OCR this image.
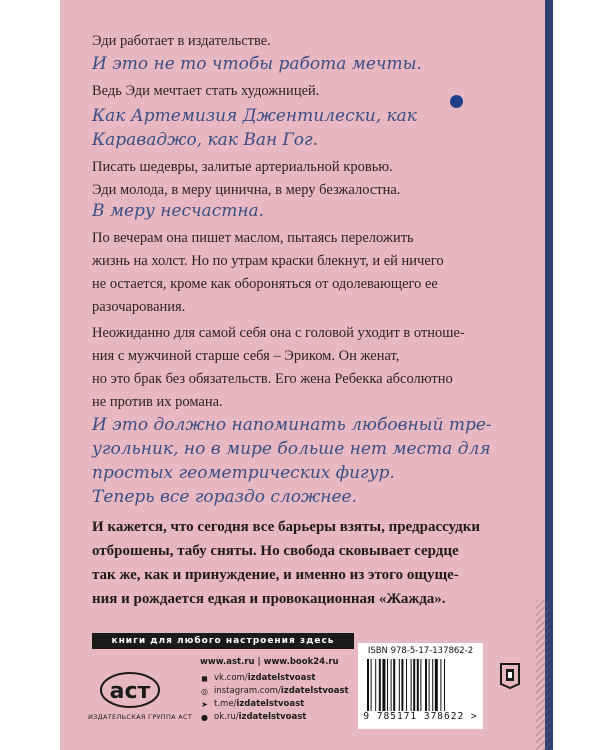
Эди работает в издательстве.
И это не то чтобы работа мечты.
Ведь Эди мечтает стать художницей.
Как Артемизия Джентилески, как
Караваджо, как Ван Гог.
Писать шедевры, залитые артериальной кровью.
Эди молода, в меру цинична, в меру безжалостна.
В меру несчастна.
По вечерам она пишет маслом, пытаясь переложить
жизнь на холст. Но по утрам краски блекнут, и ей ничего
не остается, кроме как обороняться от одолевающего ее
разочарования.
Неожиданно для самой себя она с головой уходит в отноше-
ния с мужчиной старше себя – Эриком. Он женат,
но это брак без обязательств. Его жена Ребекка абсолютно
не против их романа.
И это должно напоминать любовный тре-
угольник, но в мире больше нет места для
простых геометрических фигур.
Теперь все гораздо сложнее.
И кажется, что сегодня все барьеры взяты, предрассудки
отброшены, табу сняты. Но свобода сковывает сердце
так же, как и принуждение, и именно из этого ощуще-
ния и рождается едкая и провокационная «Жажда».
книги для любого настроения здесь
аст
ИЗДАТЕЛЬСКАЯ ГРУППА АСТ
www.ast.ru | www.book24.ru
◼ vk.com/izdatelstvoast
◎ instagram.com/izdatelstvoast
➤ t.me/izdatelstvoast
● ok.ru/izdatelstvoast
ISBN 978-5-17-137862-2
9 785171 378622 >
